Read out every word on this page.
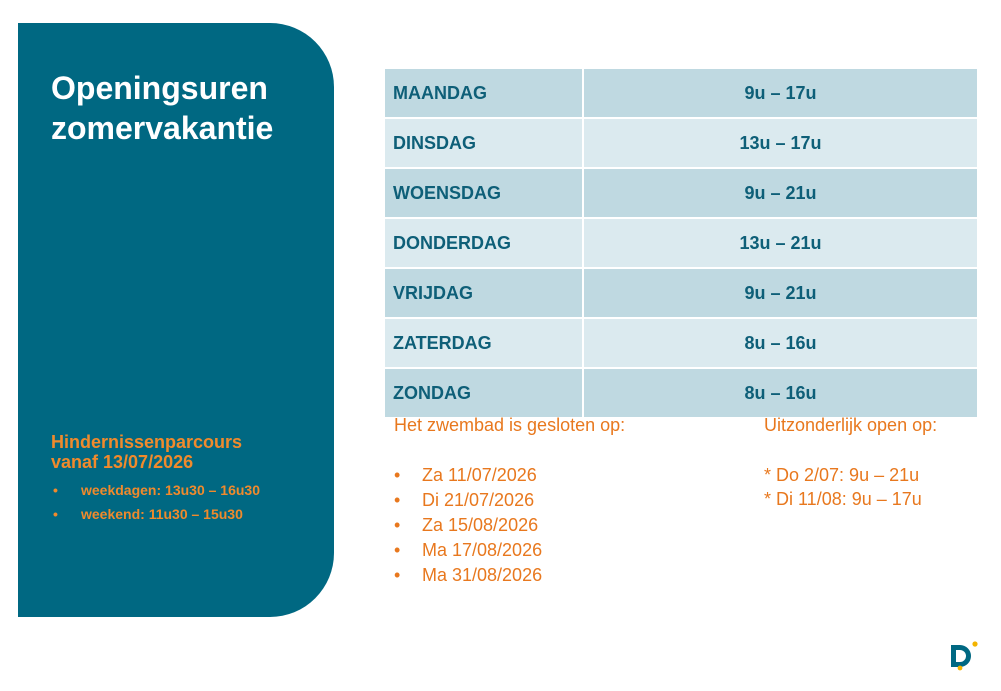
Openingsuren
zomervakantie
Hindernissenparcours
vanaf 13/07/2026
• weekdagen: 13u30 – 16u30
• weekend: 11u30 – 15u30
MAANDAG	9u – 17u
DINSDAG	13u – 17u
WOENSDAG	9u – 21u
DONDERDAG	13u – 21u
VRIJDAG	9u – 21u
ZATERDAG	8u – 16u
ZONDAG	8u – 16u
Het zwembad is gesloten op:
• Za 11/07/2026
• Di 21/07/2026
• Za 15/08/2026
• Ma 17/08/2026
• Ma 31/08/2026
Uitzonderlijk open op:
* Do 2/07: 9u – 21u
* Di 11/08: 9u – 17u
